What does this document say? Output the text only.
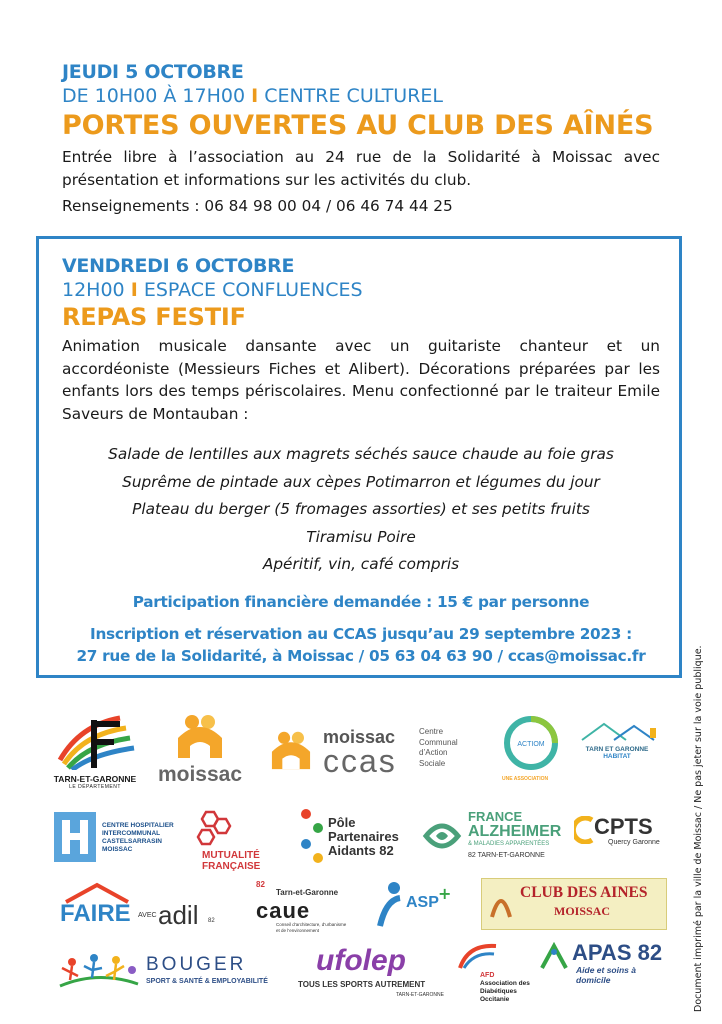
JEUDI 5 OCTOBRE
DE 10H00 À 17H00 I CENTRE CULTUREL
PORTES OUVERTES AU CLUB DES AÎNÉS
Entrée libre à l’association au 24 rue de la Solidarité à Moissac avec présentation et informations sur les activités du club.
Renseignements : 06 84 98 00 04 / 06 46 74 44 25
VENDREDI 6 OCTOBRE
12H00 I ESPACE CONFLUENCES
REPAS FESTIF
Animation musicale dansante avec un guitariste chanteur et un accordéoniste (Messieurs Fiches et Alibert). Décorations préparées par les enfants lors des temps périscolaires. Menu confectionné par le traiteur Emile Saveurs de Montauban :
Salade de lentilles aux magrets séchés sauce chaude au foie gras
Suprême de pintade aux cèpes Potimarron et légumes du jour
Plateau du berger (5 fromages assorties) et ses petits fruits
Tiramisu Poire
Apéritif, vin, café compris
Participation financière demandée : 15 € par personne
Inscription et réservation au CCAS jusqu’au 29 septembre 2023 :
27 rue de la Solidarité, à Moissac / 05 63 04 63 90 / ccas@moissac.fr	Document imprimé par la ville de Moissac / Ne pas jeter sur la voie publique.
TARN-ET-GARONNE
LE DÉPARTEMENT
moissac
moissac
ccas
Centre
Communal
d’Action
Sociale
ACTIOM
UNE ASSOCIATION
TARN ET GARONNE
HABITAT
CENTRE HOSPITALIER
INTERCOMMUNAL
CASTELSARRASIN
MOISSAC
MUTUALITÉ
FRANÇAISE
Pôle
Partenaires
Aidants 82
FRANCE
ALZHEIMER
& MALADIES APPARENTÉES
82 TARN-ET-GARONNE
CPTS
Quercy Garonne
FAIRE AVEC adil 82
82
Tarn-et-Garonne
caue
Conseil d’architecture, d’urbanisme
et de l’environnement
ASP +	CLUB DES AINES
MOISSAC
BOUGER
SPORT & SANTÉ & EMPLOYABILITÉ
ufolep
TOUS LES SPORTS AUTREMENT
TARN-ET-GARONNE
AFD
Association des Diabétiques
Occitanie
APAS 82
Aide et soins à domicile
